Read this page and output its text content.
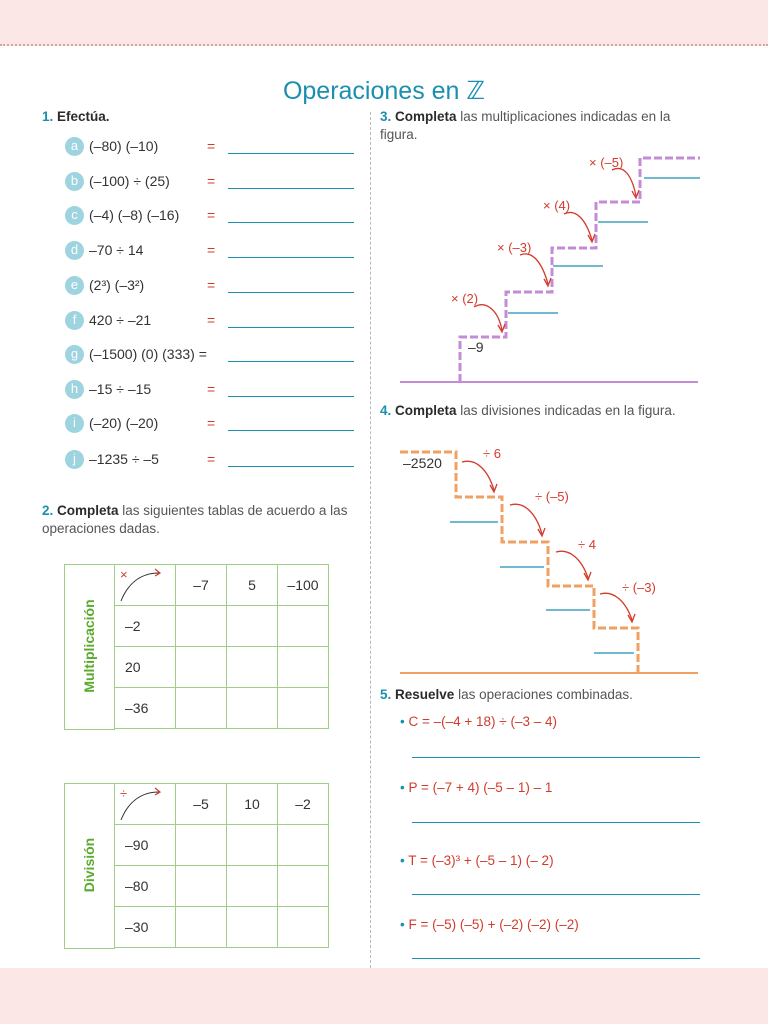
Operaciones en ℤ
1. Efectúa.
a (–80) (–10)	=
b (–100) ÷ (25)	=
c (–4) (–8) (–16) =
d –70 ÷ 14	=
e (2³) (–3²)	=
f 420 ÷ –21	=
g (–1500) (0) (333) =
h –15 ÷ –15	=
i (–20) (–20)	=
j –1235 ÷ –5	=
2. Completa las siguientes tablas de acuerdo a las operaciones dadas.
Multiplicación
×	–7	5	–100
–2			
20			
–36			
División
÷	–5	10	–2
–90			
–80			
–30			
3. Completa las multiplicaciones indicadas en la figura.
–9
× (2)
× (–3)
× (4)
× (–5)
4. Completa las divisiones indicadas en la figura.
–2520
÷ 6
÷ (–5)
÷ 4
÷ (–3)
5. Resuelve las operaciones combinadas.
• C = –(–4 + 18) ÷ (–3 – 4)
• P = (–7 + 4) (–5 – 1) – 1
• T = (–3)³ + (–5 – 1) (– 2)
• F = (–5) (–5) + (–2) (–2) (–2)
